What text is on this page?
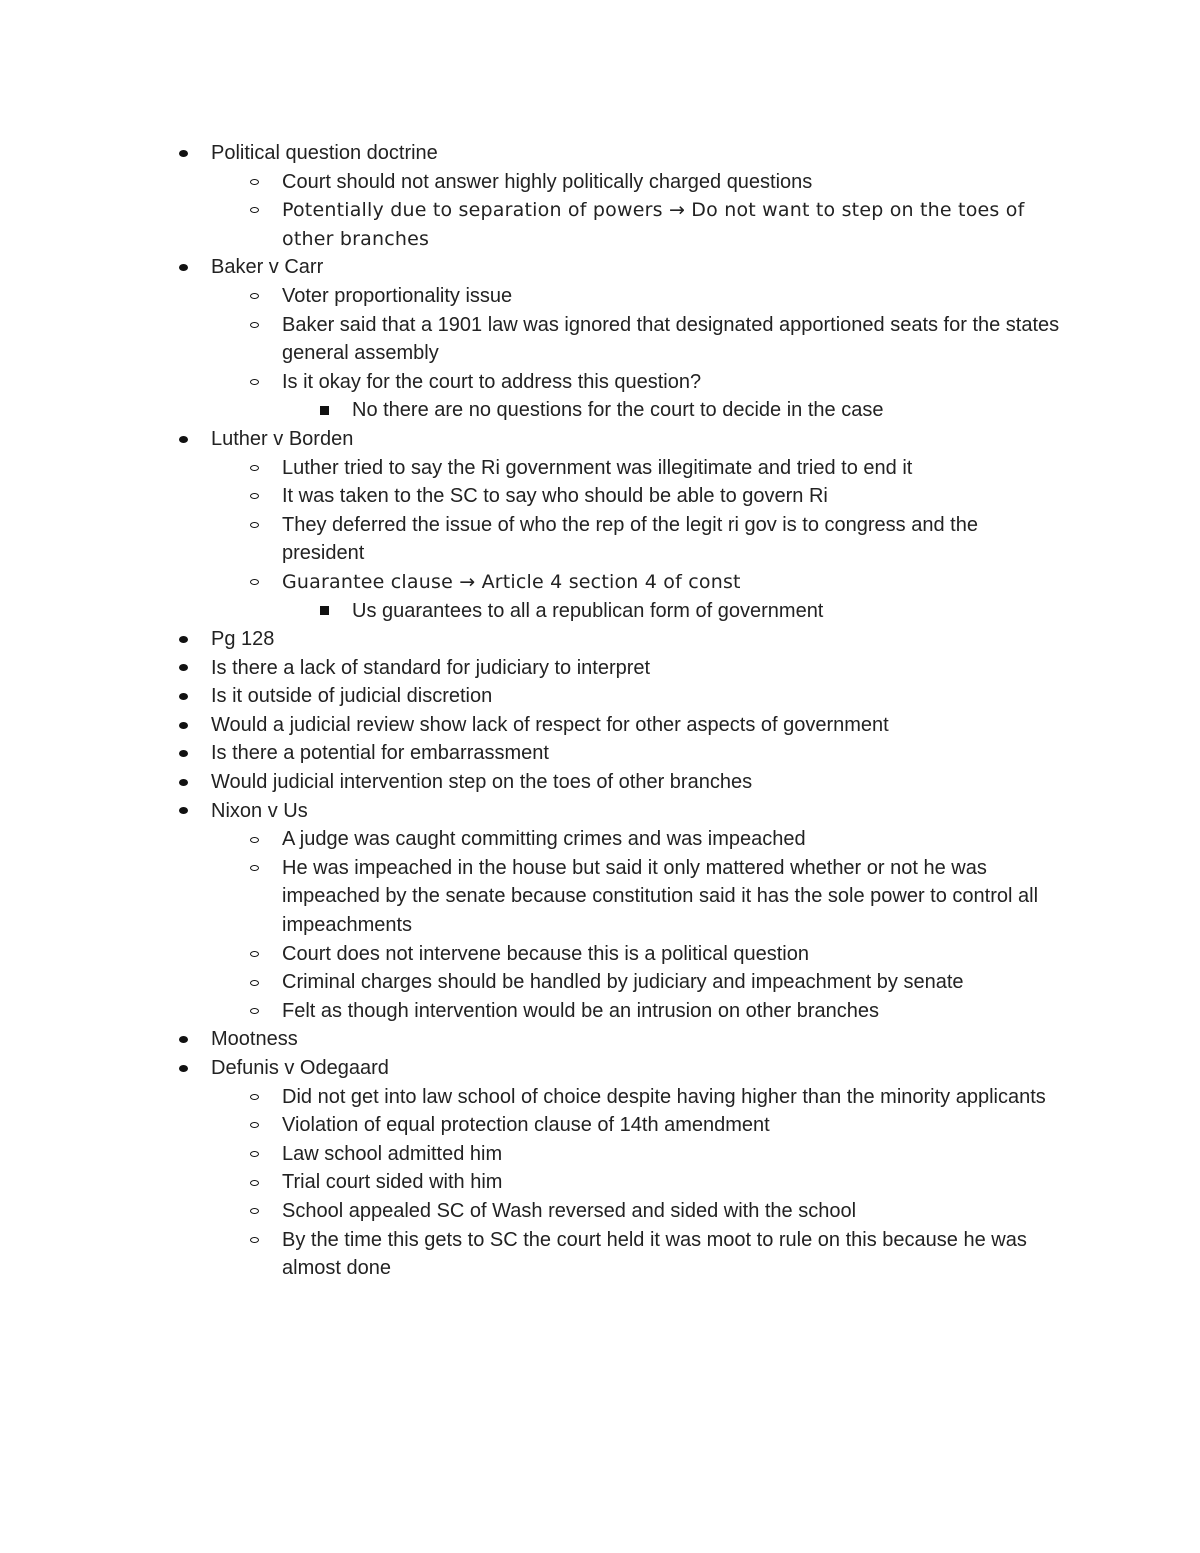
Political question doctrine
Court should not answer highly politically charged questions
Potentially due to separation of powers → Do not want to step on the toes of other branches
Baker v Carr
Voter proportionality issue
Baker said that a 1901 law was ignored that designated apportioned seats for the states general assembly
Is it okay for the court to address this question?
No there are no questions for the court to decide in the case
Luther v Borden
Luther tried to say the Ri government was illegitimate and tried to end it
It was taken to the SC to say who should be able to govern Ri
They deferred the issue of who the rep of the legit ri gov is to congress and the president
Guarantee clause → Article 4 section 4 of const
Us guarantees to all a republican form of government
Pg 128
Is there a lack of standard for judiciary to interpret
Is it outside of judicial discretion
Would a judicial review show lack of respect for other aspects of government
Is there a potential for embarrassment
Would judicial intervention step on the toes of other branches
Nixon v Us
A judge was caught committing crimes and was impeached
He was impeached in the house but said it only mattered whether or not he was impeached by the senate because constitution said it has the sole power to control all impeachments
Court does not intervene because this is a political question
Criminal charges should be handled by judiciary and impeachment by senate
Felt as though intervention would be an intrusion on other branches
Mootness
Defunis v Odegaard
Did not get into law school of choice despite having higher than the minority applicants
Violation of equal protection clause of 14th amendment
Law school admitted him
Trial court sided with him
School appealed SC of Wash reversed and sided with the school
By the time this gets to SC the court held it was moot to rule on this because he was almost done
